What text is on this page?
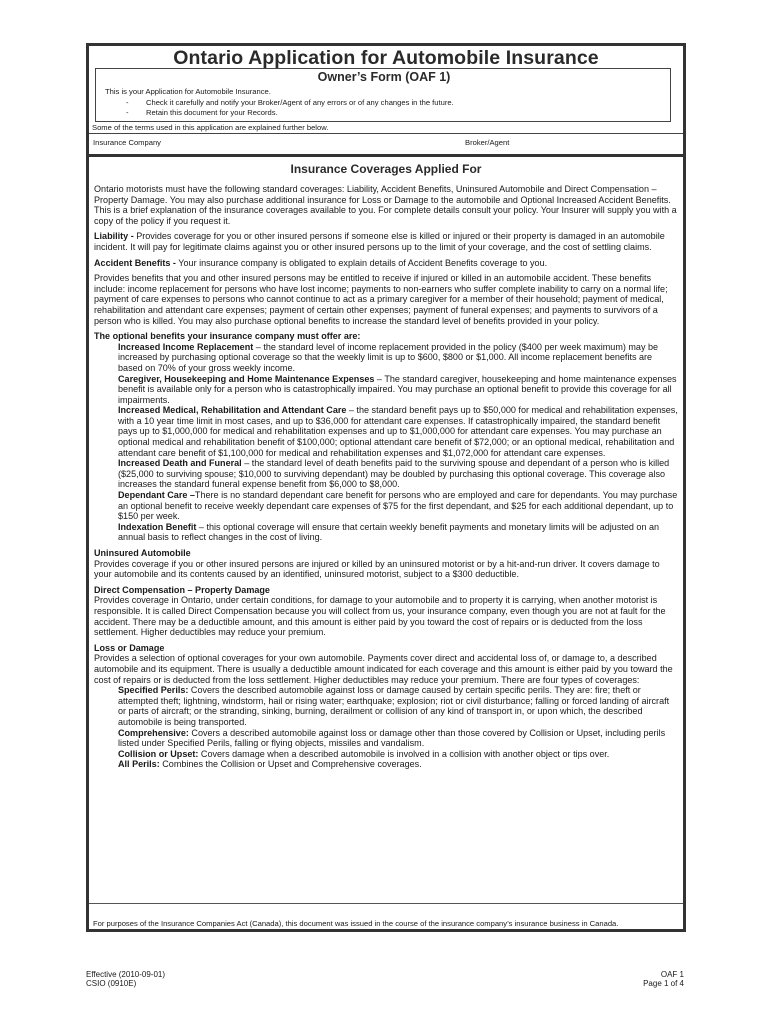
Ontario Application for Automobile Insurance
Owner’s Form (OAF 1)
This is your Application for Automobile Insurance.
- Check it carefully and notify your Broker/Agent of any errors or of any changes in the future.
- Retain this document for your Records.
Some of the terms used in this application are explained further below.
Insurance Company	Broker/Agent
Insurance Coverages Applied For

Ontario motorists must have the following standard coverages: Liability, Accident Benefits, Uninsured Automobile and Direct Compensation – Property Damage. You may also purchase additional insurance for Loss or Damage to the automobile and Optional Increased Accident Benefits. This is a brief explanation of the insurance coverages available to you. For complete details consult your policy. Your Insurer will supply you with a copy of the policy if you request it.

Liability - Provides coverage for you or other insured persons if someone else is killed or injured or their property is damaged in an automobile incident. It will pay for legitimate claims against you or other insured persons up to the limit of your coverage, and the cost of settling claims.

Accident Benefits - Your insurance company is obligated to explain details of Accident Benefits coverage to you.

Provides benefits that you and other insured persons may be entitled to receive if injured or killed in an automobile accident. These benefits include: income replacement for persons who have lost income; payments to non-earners who suffer complete inability to carry on a normal life; payment of care expenses to persons who cannot continue to act as a primary caregiver for a member of their household; payment of medical, rehabilitation and attendant care expenses; payment of certain other expenses; payment of funeral expenses; and payments to survivors of a person who is killed. You may also purchase optional benefits to increase the standard level of benefits provided in your policy.

The optional benefits your insurance company must offer are:

Increased Income Replacement – the standard level of income replacement provided in the policy ($400 per week maximum) may be increased by purchasing optional coverage so that the weekly limit is up to $600, $800 or $1,000. All income replacement benefits are based on 70% of your gross weekly income.
Caregiver, Housekeeping and Home Maintenance Expenses – The standard caregiver, housekeeping and home maintenance expenses benefit is available only for a person who is catastrophically impaired. You may purchase an optional benefit to provide this coverage for all impairments.
Increased Medical, Rehabilitation and Attendant Care – the standard benefit pays up to $50,000 for medical and rehabilitation expenses, with a 10 year time limit in most cases, and up to $36,000 for attendant care expenses. If catastrophically impaired, the standard benefit pays up to $1,000,000 for medical and rehabilitation expenses and up to $1,000,000 for attendant care expenses. You may purchase an optional medical and rehabilitation benefit of $100,000; optional attendant care benefit of $72,000; or an optional medical, rehabilitation and attendant care benefit of $1,100,000 for medical and rehabilitation expenses and $1,072,000 for attendant care expenses.
Increased Death and Funeral – the standard level of death benefits paid to the surviving spouse and dependant of a person who is killed ($25,000 to surviving spouse; $10,000 to surviving dependant) may be doubled by purchasing this optional coverage. This coverage also increases the standard funeral expense benefit from $6,000 to $8,000.
Dependant Care –There is no standard dependant care benefit for persons who are employed and care for dependants. You may purchase an optional benefit to receive weekly dependant care expenses of $75 for the first dependant, and $25 for each additional dependant, up to $150 per week.
Indexation Benefit – this optional coverage will ensure that certain weekly benefit payments and monetary limits will be adjusted on an annual basis to reflect changes in the cost of living.
Uninsured Automobile

Provides coverage if you or other insured persons are injured or killed by an uninsured motorist or by a hit-and-run driver. It covers damage to your automobile and its contents caused by an identified, uninsured motorist, subject to a $300 deductible.

Direct Compensation – Property Damage

Provides coverage in Ontario, under certain conditions, for damage to your automobile and to property it is carrying, when another motorist is responsible. It is called Direct Compensation because you will collect from us, your insurance company, even though you are not at fault for the accident. There may be a deductible amount, and this amount is either paid by you toward the cost of repairs or is deducted from the loss settlement. Higher deductibles may reduce your premium.

Loss or Damage
Provides a selection of optional coverages for your own automobile. Payments cover direct and accidental loss of, or damage to, a described automobile and its equipment. There is usually a deductible amount indicated for each coverage and this amount is either paid by you toward the cost of repairs or is deducted from the loss settlement. Higher deductibles may reduce your premium. There are four types of coverages:
Specified Perils: Covers the described automobile against loss or damage caused by certain specific perils. They are: fire; theft or attempted theft; lightning, windstorm, hail or rising water; earthquake; explosion; riot or civil disturbance; falling or forced landing of aircraft or parts of aircraft; or the stranding, sinking, burning, derailment or collision of any kind of transport in, or upon which, the described automobile is being transported.
Comprehensive: Covers a described automobile against loss or damage other than those covered by Collision or Upset, including perils listed under Specified Perils, falling or flying objects, missiles and vandalism.
Collision or Upset: Covers damage when a described automobile is involved in a collision with another object or tips over.
All Perils: Combines the Collision or Upset and Comprehensive coverages.
For purposes of the Insurance Companies Act (Canada), this document was issued in the course of the insurance company’s insurance business in Canada.
Effective (2010-09-01)
CSIO (0910E)
OAF 1
Page 1 of 4
